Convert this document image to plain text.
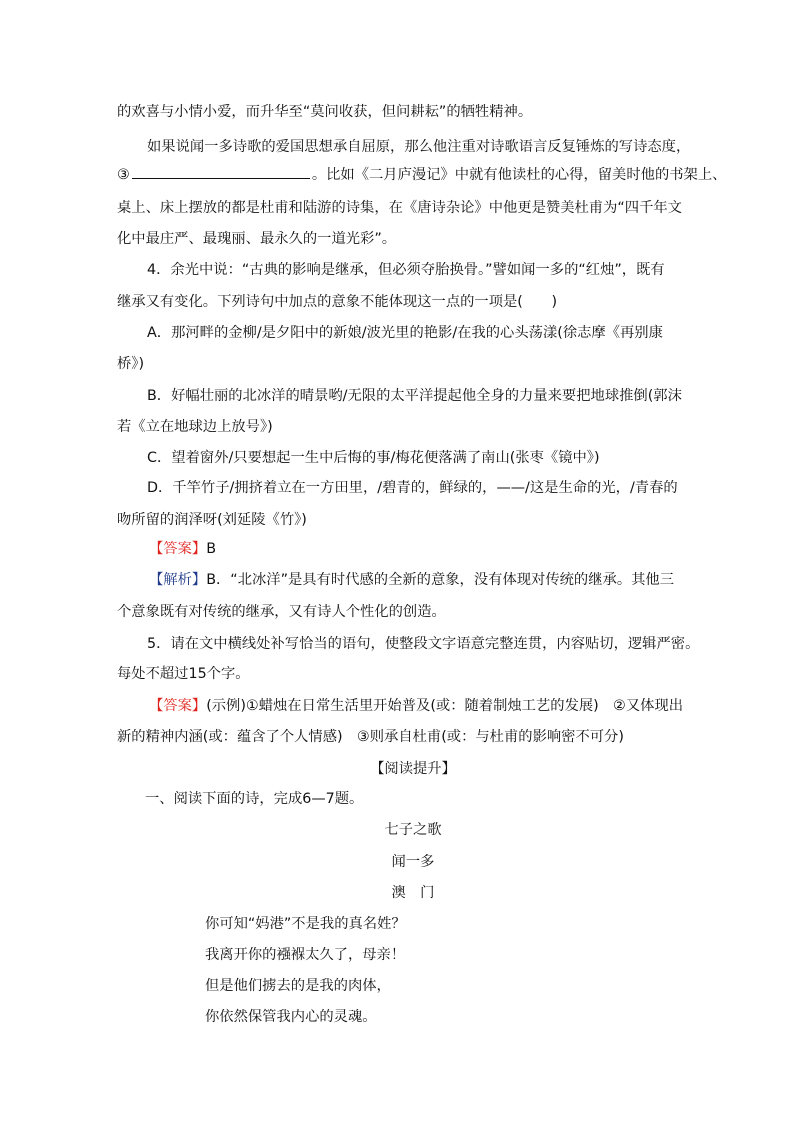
的欢喜与小情小爱，而升华至“莫问收获，但问耕耘”的牺牲精神。
如果说闻一多诗歌的爱国思想承自屈原，那么他注重对诗歌语言反复锤炼的写诗态度，
③	。比如《二月庐漫记》中就有他读杜的心得，留美时他的书架上、
桌上、床上摆放的都是杜甫和陆游的诗集，在《唐诗杂论》中他更是赞美杜甫为“四千年文
化中最庄严、最瑰丽、最永久的一道光彩”。
4．余光中说：“古典的影响是继承，但必须夺胎换骨。”譬如闻一多的“红烛”，既有
继承又有变化。下列诗句中加点的意象不能体现这一点的一项是(　　)
A．那河畔的金柳/是夕阳中的新娘/波光里的艳影/在我的心头荡漾(徐志摩《再别康
桥》)
B．好幅壮丽的北冰洋的晴景哟/无限的太平洋提起他全身的力量来要把地球推倒(郭沫
若《立在地球边上放号》)
C．望着窗外/只要想起一生中后悔的事/梅花便落满了南山(张枣《镜中》)
D．千竿竹子/拥挤着立在一方田里，/碧青的，鲜绿的，——/这是生命的光，/青春的
吻所留的润泽呀(刘延陵《竹》)
【答案】B
【解析】B．“北冰洋”是具有时代感的全新的意象，没有体现对传统的继承。其他三
个意象既有对传统的继承，又有诗人个性化的创造。
5．请在文中横线处补写恰当的语句，使整段文字语意完整连贯，内容贴切，逻辑严密。
每处不超过15个字。
【答案】(示例)①蜡烛在日常生活里开始普及(或：随着制烛工艺的发展)　②又体现出
新的精神内涵(或：蕴含了个人情感)　③则承自杜甫(或：与杜甫的影响密不可分)
【阅读提升】
一、阅读下面的诗，完成6—7题。
七子之歌
闻一多
澳　门
你可知“妈港”不是我的真名姓？
我离开你的襁褓太久了，母亲！
但是他们掳去的是我的肉体，
你依然保管我内心的灵魂。
